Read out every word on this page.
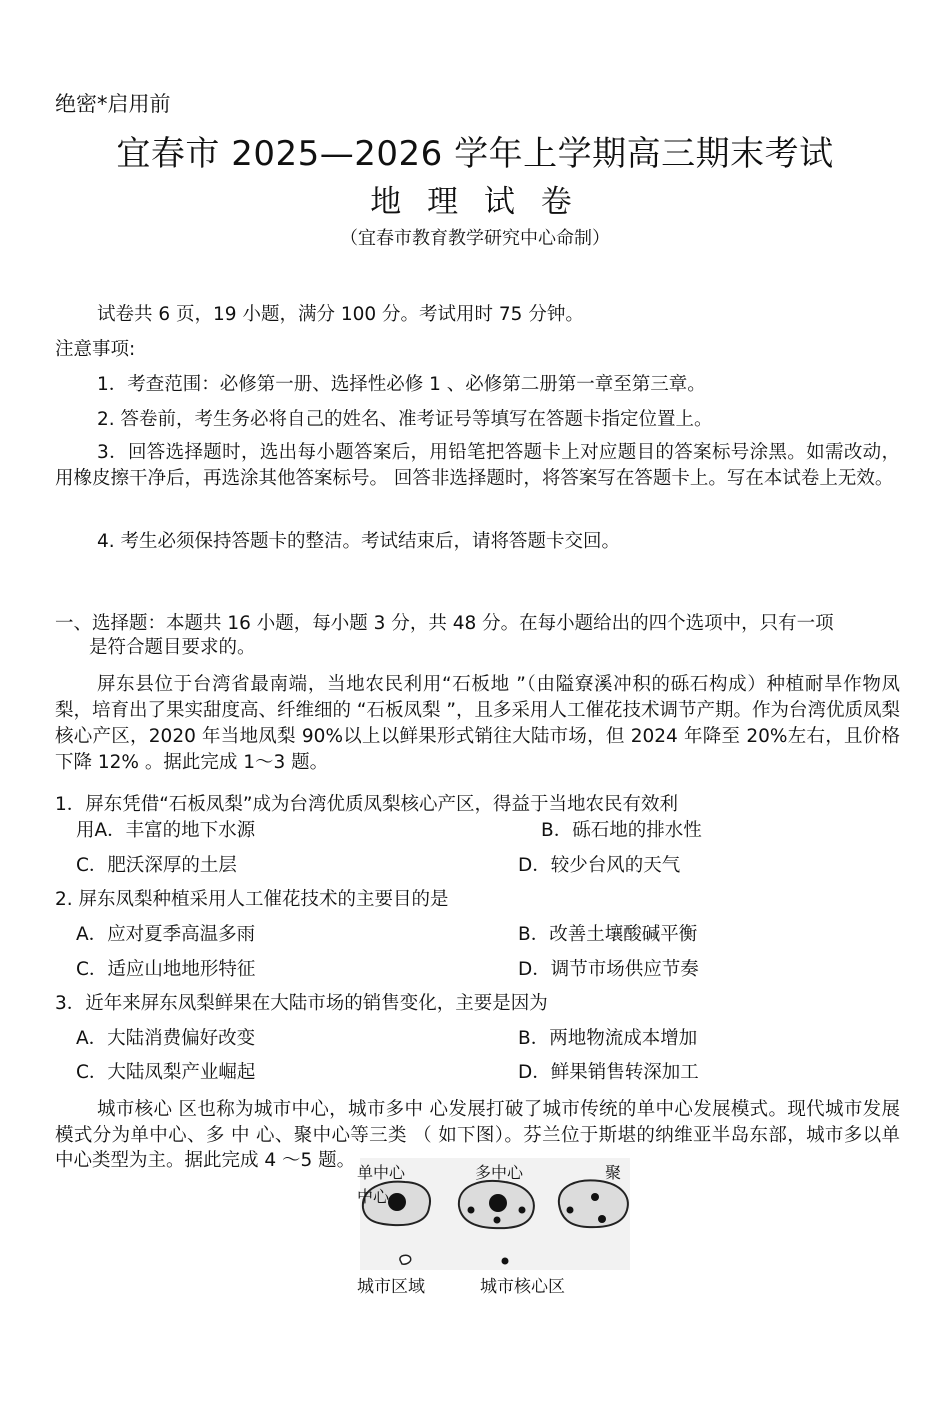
绝密*启用前
宜春市 2025—2026 学年上学期高三期末考试
地 理 试 卷
（宜春市教育教学研究中心命制）
试卷共 6 页，19 小题，满分 100 分。考试用时 75 分钟。
注意事项:
1．考查范围：必修第一册、选择性必修 1 、必修第二册第一章至第三章。
2. 答卷前，考生务必将自己的姓名、准考证号等填写在答题卡指定位置上。
3．回答选择题时，选出每小题答案后，用铅笔把答题卡上对应题目的答案标号涂黑。如需改动，用橡皮擦干净后，再选涂其他答案标号。 回答非选择题时，将答案写在答题卡上。写在本试卷上无效。
4. 考生必须保持答题卡的整洁。考试结束后，请将答题卡交回。
一、选择题：本题共 16 小题，每小题 3 分，共 48 分。在每小题给出的四个选项中，只有一项
是符合题目要求的。
屏东县位于台湾省最南端，当地农民利用“石板地 ”（由隘寮溪冲积的砾石构成）种植耐旱作物凤梨，培育出了果实甜度高、纤维细的 “石板凤梨 ”，且多采用人工催花技术调节产期。作为台湾优质凤梨核心产区，2020 年当地凤梨 90%以上以鲜果形式销往大陆市场，但 2024 年降至 20%左右，且价格下降 12% 。据此完成 1～3 题。
1．屏东凭借“石板凤梨”成为台湾优质凤梨核心产区，得益于当地农民有效利
用A．丰富的地下水源	B．砾石地的排水性
C．肥沃深厚的土层	D．较少台风的天气
2. 屏东凤梨种植采用人工催花技术的主要目的是
A．应对夏季高温多雨	B．改善土壤酸碱平衡
C．适应山地地形特征	D．调节市场供应节奏
3．近年来屏东凤梨鲜果在大陆市场的销售变化，主要是因为
A．大陆消费偏好改变	B．两地物流成本增加
C．大陆凤梨产业崛起	D．鲜果销售转深加工
城市核心 区也称为城市中心，城市多中 心发展打破了城市传统的单中心发展模式。现代城市发展模式分为单中心、多 中 心、聚中心等三类 （ 如下图）。芬兰位于斯堪的纳维亚半岛东部，城市多以单中心类型为主。据此完成 4 ～5 题。
单中心
中心
多中心	聚
城市区域	城市核心区
